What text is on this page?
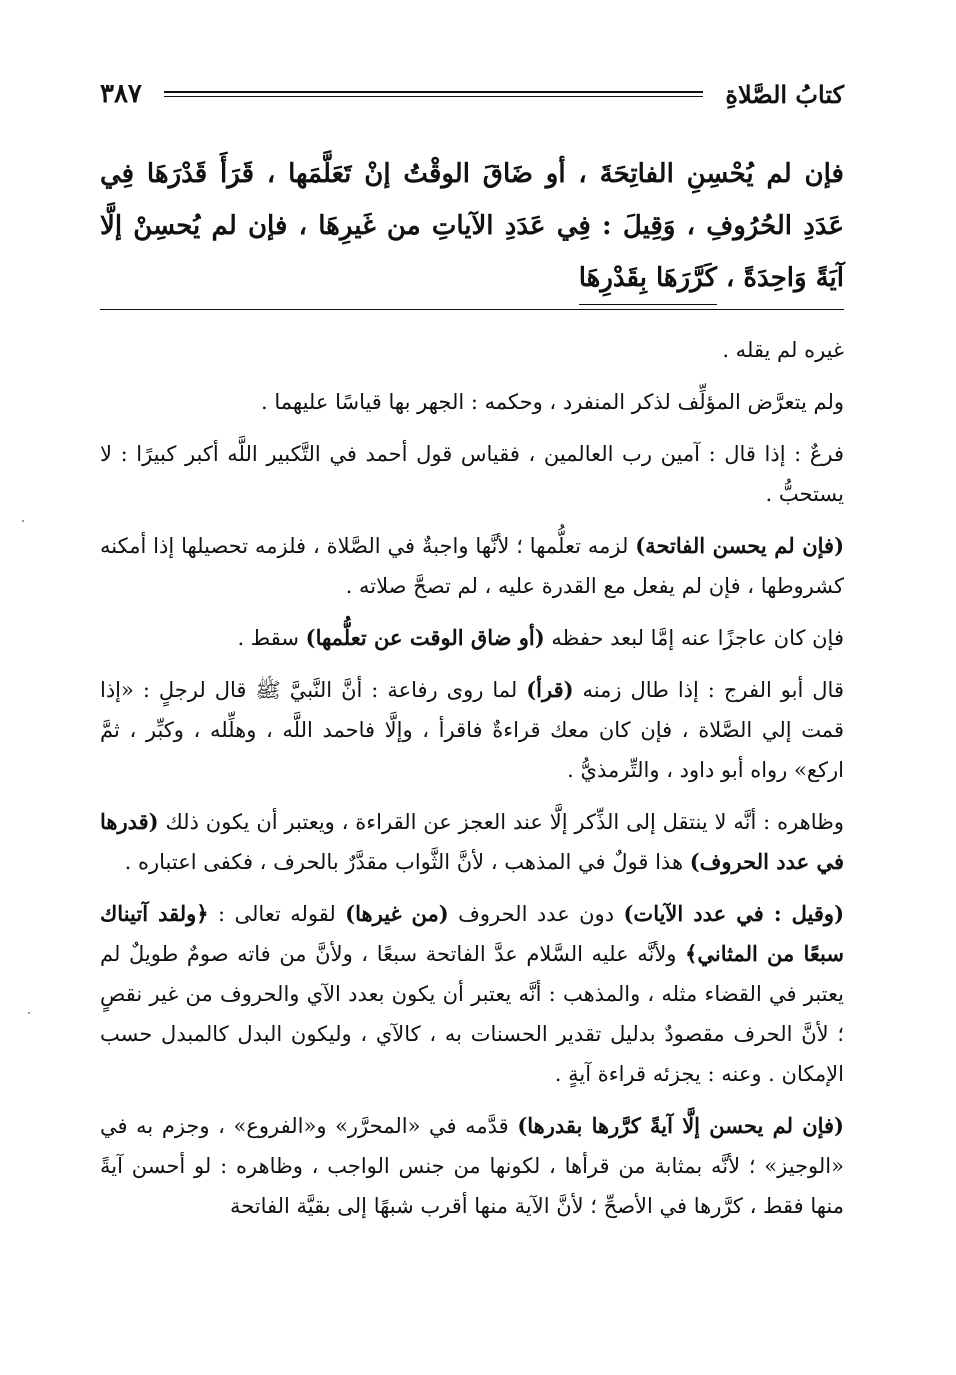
كتابُ الصَّلاةِ
٣٨٧
فإن لم يُحْسِنِ الفاتِحَةَ ، أو ضَاقَ الوقْتُ إنْ تَعَلَّمَها ، قَرَأَ قَدْرَهَا فِي عَدَدِ الحُرُوفِ ، وَقِيلَ : فِي عَدَدِ الآياتِ من غَيرِهَا ، فإن لم يُحسِنْ إلَّا آيَةً وَاحِدَةً ، كَرَّرَهَا بِقَدْرِهَا

غيره لم يقله .

ولم يتعرَّض المؤلِّف لذكر المنفرد ، وحكمه : الجهر بها قياسًا عليهما .

فرعٌ : إذا قال : آمين رب العالمين ، فقياس قول أحمد في التَّكبير اللَّه أكبر كبيرًا : لا يستحبُّ .

(فإن لم يحسن الفاتحة) لزمه تعلُّمها ؛ لأنَّها واجبةٌ في الصَّلاة ، فلزمه تحصيلها إذا أمكنه كشروطها ، فإن لم يفعل مع القدرة عليه ، لم تصحَّ صلاته .

فإن كان عاجزًا عنه إمَّا لبعد حفظه (أو ضاق الوقت عن تعلُّمها) سقط .

قال أبو الفرج : إذا طال زمنه (قرأ) لما روى رفاعة : أنَّ النَّبيَّ ﷺ قال لرجلٍ : «إذا قمت إلي الصَّلاة ، فإن كان معك قراءةٌ فاقرأ ، وإلَّا فاحمد اللَّه ، وهلِّله ، وكبِّر ، ثمَّ اركع» رواه أبو داود ، والتِّرمذيُّ .

وظاهره : أنَّه لا ينتقل إلى الذِّكر إلَّا عند العجز عن القراءة ، ويعتبر أن يكون ذلك (قدرها في عدد الحروف) هذا قولٌ في المذهب ، لأنَّ الثَّواب مقدَّرٌ بالحرف ، فكفى اعتباره .

(وقيل : في عدد الآيات) دون عدد الحروف (من غيرها) لقوله تعالى : ﴿ولقد آتيناك سبعًا من المثاني﴾ ولأنَّه عليه السَّلام عدَّ الفاتحة سبعًا ، ولأنَّ من فاته صومٌ طويلٌ لم يعتبر في القضاء مثله ، والمذهب : أنَّه يعتبر أن يكون بعدد الآي والحروف من غير نقصٍ ؛ لأنَّ الحرف مقصودٌ بدليل تقدير الحسنات به ، كالآي ، وليكون البدل كالمبدل حسب الإمكان . وعنه : يجزئه قراءة آيةٍ .

(فإن لم يحسن إلَّا آيةً كرَّرها بقدرها) قدَّمه في «المحرَّر» و«الفروع» ، وجزم به في «الوجيز» ؛ لأنَّه بمثابة من قرأها ، لكونها من جنس الواجب ، وظاهره : لو أحسن آيةً منها فقط ، كرَّرها في الأصحِّ ؛ لأنَّ الآية منها أقرب شبهًا إلى بقيَّة الفاتحة
